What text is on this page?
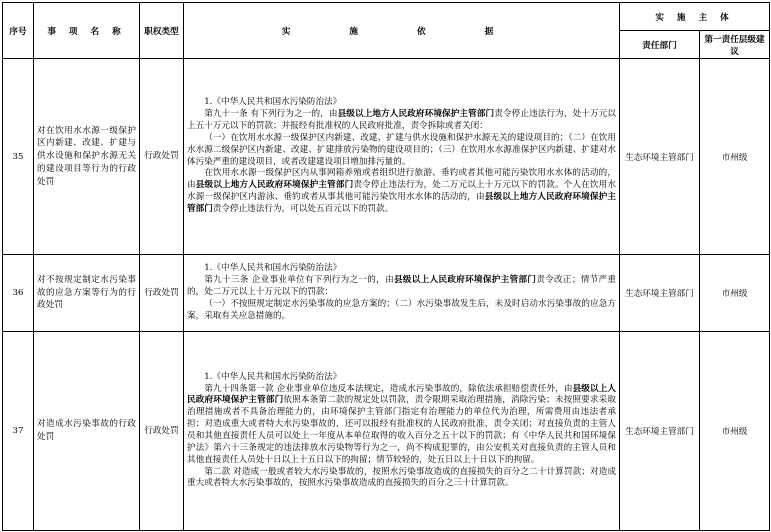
序号	事 项 名 称	职权类型	实 施 依 据	实 施 主 体	
				责任部门	第一责任层级建议
35	对在饮用水水源一级保护区内新建、改建、扩建与供水设施和保护水源无关的建设项目等行为的行政处罚	行政处罚	1.《中华人民共和国水污染防治法》

第九十一条 有下列行为之一的，由县级以上地方人民政府环境保护主管部门责令停止违法行为，处十万元以上五十万元以下的罚款；并报经有批准权的人民政府批准，责令拆除或者关闭：

（一）在饮用水水源一级保护区内新建、改建、扩建与供水设施和保护水源无关的建设项目的；（二）在饮用水水源二级保护区内新建、改建、扩建排放污染物的建设项目的；（三）在饮用水水源准保护区内新建、扩建对水体污染严重的建设项目，或者改建建设项目增加排污量的。

在饮用水水源一级保护区内从事网箱养殖或者组织进行旅游、垂钓或者其他可能污染饮用水水体的活动的，由县级以上地方人民政府环境保护主管部门责令停止违法行为，处二万元以上十万元以下的罚款。个人在饮用水水源一级保护区内游泳、垂钓或者从事其他可能污染饮用水水体的活动的，由县级以上地方人民政府环境保护主管部门责令停止违法行为，可以处五百元以下的罚款。	生态环境主管部门	市州级
36	对不按规定制定水污染事故的应急方案等行为的行政处罚	行政处罚	1.《中华人民共和国水污染防治法》

第九十三条 企业事业单位有下列行为之一的，由县级以上人民政府环境保护主管部门责令改正；情节严重的，处二万元以上十万元以下的罚款：

（一）不按照规定制定水污染事故的应急方案的；（二）水污染事故发生后，未及时启动水污染事故的应急方案，采取有关应急措施的。	生态环境主管部门	市州级
37	对造成水污染事故的行政处罚	行政处罚	1.《中华人民共和国水污染防治法》

第九十四条第一款 企业事业单位违反本法规定，造成水污染事故的，除依法承担赔偿责任外，由县级以上人民政府环境保护主管部门依照本条第二款的规定处以罚款，责令限期采取治理措施，消除污染；未按照要求采取治理措施或者不具备治理能力的，由环境保护主管部门指定有治理能力的单位代为治理，所需费用由违法者承担；对造成重大或者特大水污染事故的，还可以报经有批准权的人民政府批准，责令关闭；对直接负责的主管人员和其他直接责任人员可以处上一年度从本单位取得的收入百分之五十以下的罚款；有《中华人民共和国环境保护法》第六十三条规定的违法排放水污染物等行为之一，尚不构成犯罪的，由公安机关对直接负责的主管人员和其他直接责任人员处十日以上十五日以下的拘留；情节较轻的，处五日以上十日以下的拘留。

第二款 对造成一般或者较大水污染事故的，按照水污染事故造成的直接损失的百分之二十计算罚款；对造成重大或者特大水污染事故的，按照水污染事故造成的直接损失的百分之三十计算罚款。	生态环境主管部门	市州级
